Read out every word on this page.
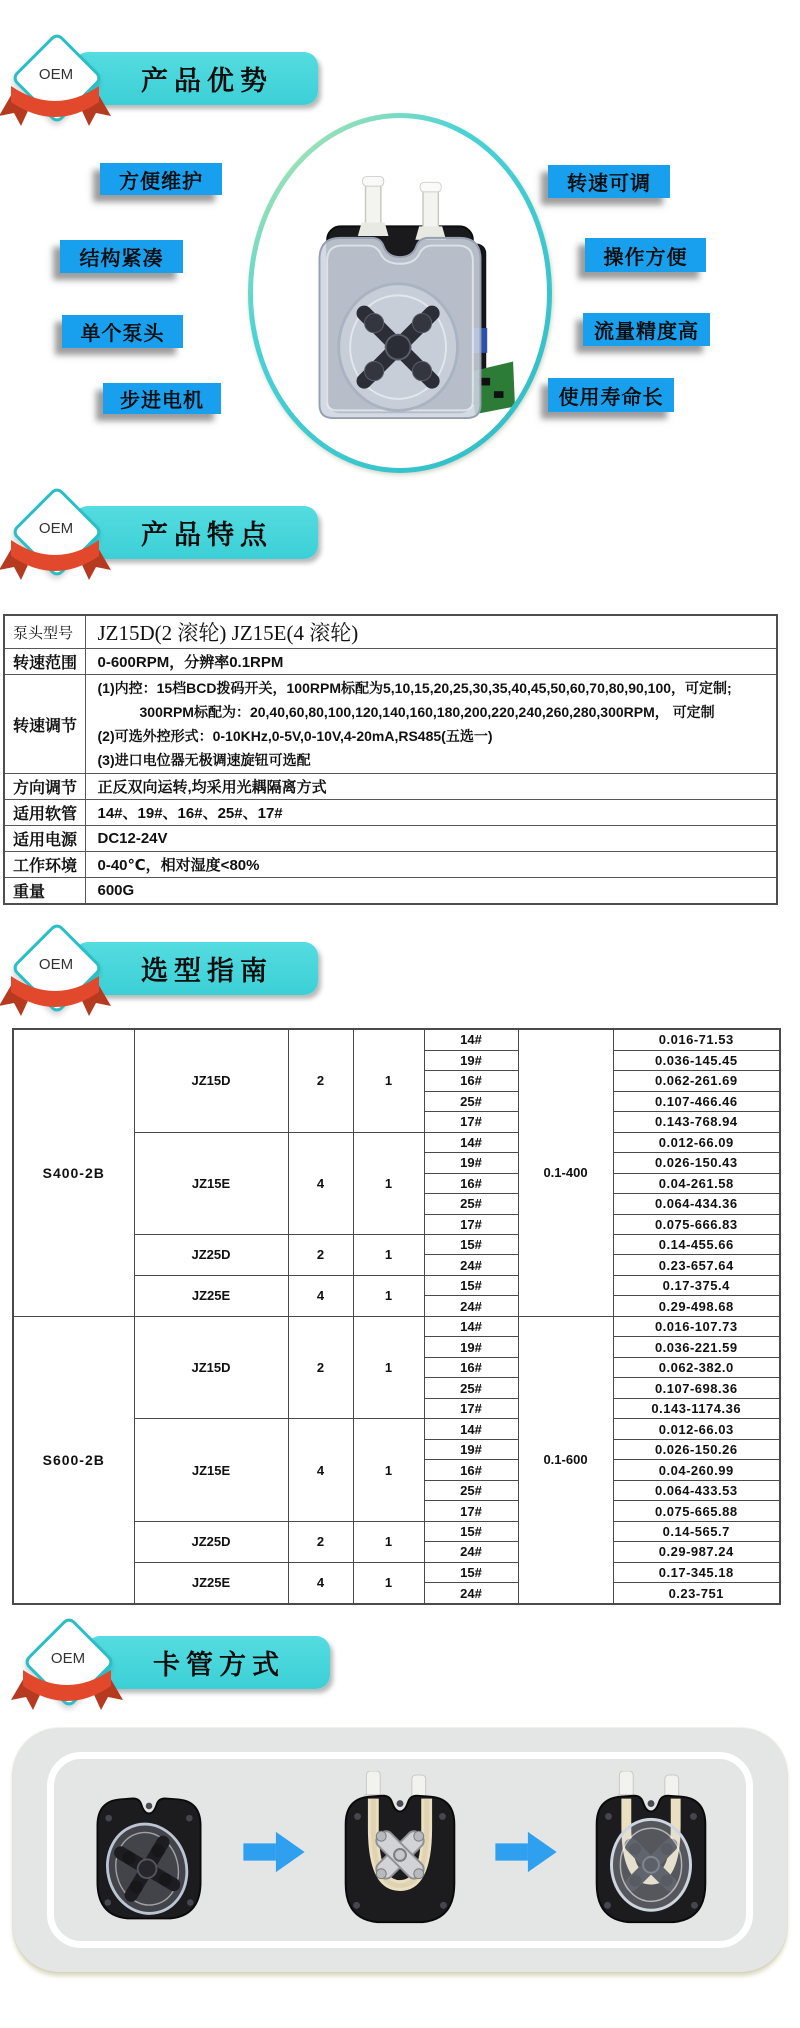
产品优势
OEM
方便维护
结构紧凑
单个泵头
步进电机
转速可调
操作方便
流量精度高
使用寿命长
产品特点
OEM
泵头型号	JZ15D(2 滚轮) JZ15E(4 滚轮)
转速范围	0-600RPM，分辨率0.1RPM
转速调节	(1)内控：15档BCD拨码开关，100RPM标配为5,10,15,20,25,30,35,40,45,50,60,70,80,90,100，可定制;
300RPM标配为：20,40,60,80,100,120,140,160,180,200,220,240,260,280,300RPM， 可定制
(2)可选外控形式：0-10KHz,0-5V,0-10V,4-20mA,RS485(五选一)
(3)进口电位器无极调速旋钮可选配

方向调节	正反双向运转,均采用光耦隔离方式
适用软管	14#、19#、16#、25#、17#
适用电源	DC12-24V
工作环境	0-40℃，相对湿度<80%
重量	600G
选型指南
OEM
S400-2B	JZ15D	2	1	14#	0.1-400	0.016-71.53
				19#		0.036-145.45
				16#		0.062-261.69
				25#		0.107-466.46
				17#		0.143-768.94
	JZ15E	4	1	14#		0.012-66.09
				19#		0.026-150.43
				16#		0.04-261.58
				25#		0.064-434.36
				17#		0.075-666.83
	JZ25D	2	1	15#		0.14-455.66
				24#		0.23-657.64
	JZ25E	4	1	15#		0.17-375.4
				24#		0.29-498.68
S600-2B	JZ15D	2	1	14#	0.1-600	0.016-107.73
				19#		0.036-221.59
				16#		0.062-382.0
				25#		0.107-698.36
				17#		0.143-1174.36
	JZ15E	4	1	14#		0.012-66.03
				19#		0.026-150.26
				16#		0.04-260.99
				25#		0.064-433.53
				17#		0.075-665.88
	JZ25D	2	1	15#		0.14-565.7
				24#		0.29-987.24
	JZ25E	4	1	15#		0.17-345.18
				24#		0.23-751
卡管方式
OEM
